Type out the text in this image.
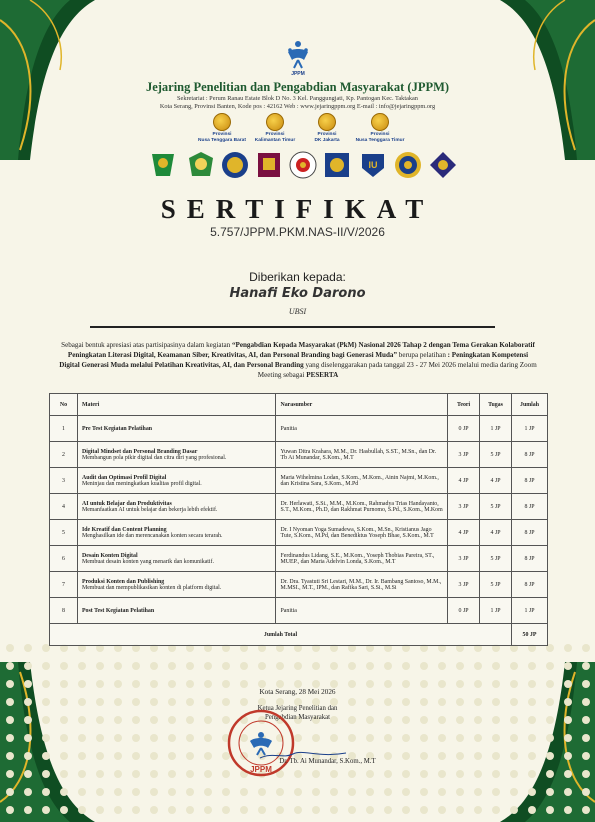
JPPM
Jejaring Penelitian dan Pengabdian Masyarakat (JPPM)
Sekretariat : Perum Ranau Estate Blok D No. 3 Kel. Panggungjati, Kp. Pantogan Kec. Taktakan
Kota Serang, Provinsi Banten, Kode pos : 42162 Web : www.jejaringppm.org E-mail : info@jejaringppm.org
Provinsi
Nusa Tenggara Barat
Provinsi
Kalimantan Timur
Provinsi
DK Jakarta
Provinsi
Nusa Tenggara Timur
IU
SERTIFIKAT
5.757/JPPM.PKM.NAS-II/V/2026
Diberikan kepada:
Hanafi Eko Darono
UBSI
Sebagai bentuk apresiasi atas partisipasinya dalam kegiatan “Pengabdian Kepada Masyarakat (PkM) Nasional 2026 Tahap 2 dengan Tema Gerakan Kolaboratif Peningkatan Literasi Digital, Keamanan Siber, Kreativitas, AI, dan Personal Branding bagi Generasi Muda” berupa pelatihan : Peningkatan Kompetensi Digital Generasi Muda melalui Pelatihan Kreativitas, AI, dan Personal Branding yang diselenggarakan pada tanggal 23 - 27 Mei 2026 melalui media daring Zoom Meeting sebagai PESERTA
No	Materi	Narasumber	Teori	Tugas	Jumlah
1	Pre Test Kegiatan Pelatihan	Panitia	0 JP	1 JP	1 JP
2	Digital Mindset dan Personal Branding Dasar
Membangun pola pikir digital dan citra diri yang profesional.	Yuwan Ditra Krahara, M.M., Dr. Hasbullah, S.ST., M.Sn., dan Dr. Tb Ai Munandar, S.Kom., M.T	3 JP	5 JP	8 JP
3	Audit dan Optimasi Profil Digital
Meninjau dan meningkatkan kualitas profil digital.	Maria Wihelmina Lodan, S.Kom., M.Kom., Ainin Najmi, M.Kom., dan Kristina Sara, S.Kom., M.Pd	4 JP	4 JP	8 JP
4	AI untuk Belajar dan Produktivitas
Memanfaatkan AI untuk belajar dan bekerja lebih efektif.	Dr. Herlawati, S.Si., M.M., M.Kom., Rahmadya Trias Handayanto, S.T., M.Kom., Ph.D, dan Rakhmat Purnomo, S.Pd., S.Kom., M.Kom	3 JP	5 JP	8 JP
5	Ide Kreatif dan Content Planning
Menghasilkan ide dan merencanakan konten secara terarah.	Dr. I Nyoman Yoga Sumadewa, S.Kom., M.Sn., Kristianus Jago Tute, S.Kom., M.Pd, dan Benediktus Yoseph Bhae, S.Kom., M.T	4 JP	4 JP	8 JP
6	Desain Konten Digital
Membuat desain konten yang menarik dan komunikatif.	Ferdinandus Lidang, S.E., M.Kom., Yoseph Thobias Pareira, ST., MUEP., dan Maria Adelvin Londa, S.Kom., M.T	3 JP	5 JP	8 JP
7	Produksi Konten dan Publishing
Membuat dan mempublikasikan konten di platform digital.	Dr. Dra. Tyastuti Sri Lestari, M.M., Dr. Ir. Bambang Santoso, M.M., M.MSI., M.T., IPM., dan Rafika Sari, S.Si., M.Si	3 JP	5 JP	8 JP
8	Post Test Kegiatan Pelatihan	Panitia	0 JP	1 JP	1 JP
Jumlah Total					50 JP
Kota Serang, 28 Mei 2026
Ketua Jejaring Penelitian dan
Pengabdian Masyarakat
JPPM
Dr. Tb. Ai Munandar, S.Kom., M.T
